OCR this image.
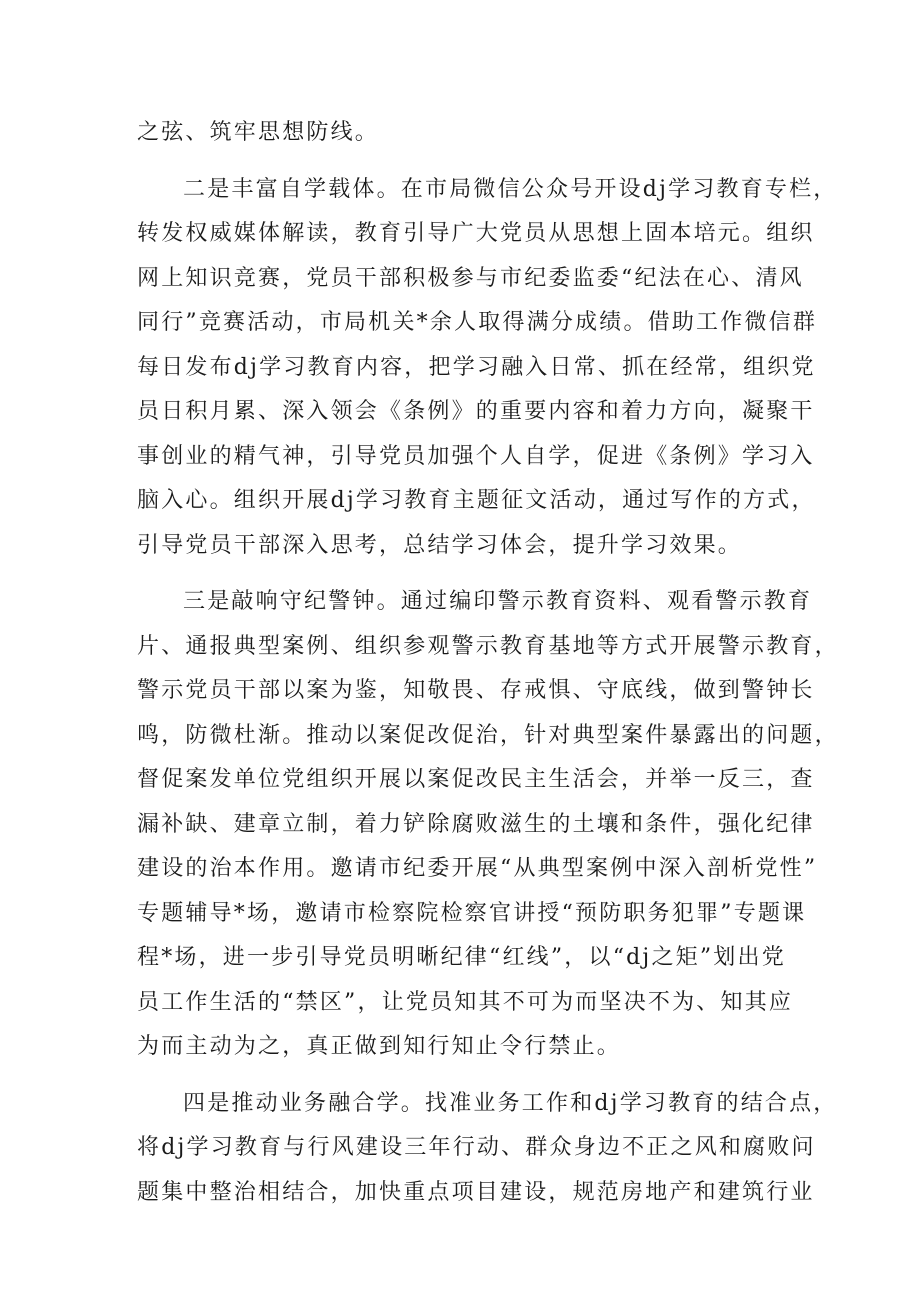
之弦、筑牢思想防线。
二是丰富自学载体。在市局微信公众号开设dj学习教育专栏，
转发权威媒体解读，教育引导广大党员从思想上固本培元。组织
网上知识竞赛，党员干部积极参与市纪委监委“纪法在心、清风
同行”竞赛活动，市局机关*余人取得满分成绩。借助工作微信群
每日发布dj学习教育内容，把学习融入日常、抓在经常，组织党
员日积月累、深入领会《条例》的重要内容和着力方向，凝聚干
事创业的精气神，引导党员加强个人自学，促进《条例》学习入
脑入心。组织开展dj学习教育主题征文活动，通过写作的方式，
引导党员干部深入思考，总结学习体会，提升学习效果。
三是敲响守纪警钟。通过编印警示教育资料、观看警示教育
片、通报典型案例、组织参观警示教育基地等方式开展警示教育，
警示党员干部以案为鉴，知敬畏、存戒惧、守底线，做到警钟长
鸣，防微杜渐。推动以案促改促治，针对典型案件暴露出的问题，
督促案发单位党组织开展以案促改民主生活会，并举一反三，查
漏补缺、建章立制，着力铲除腐败滋生的土壤和条件，强化纪律
建设的治本作用。邀请市纪委开展“从典型案例中深入剖析党性”
专题辅导*场，邀请市检察院检察官讲授“预防职务犯罪”专题课
程*场，进一步引导党员明晰纪律“红线”，以“dj之矩”划出党
员工作生活的“禁区”，让党员知其不可为而坚决不为、知其应
为而主动为之，真正做到知行知止令行禁止。
四是推动业务融合学。找准业务工作和dj学习教育的结合点，
将dj学习教育与行风建设三年行动、群众身边不正之风和腐败问
题集中整治相结合，加快重点项目建设，规范房地产和建筑行业
